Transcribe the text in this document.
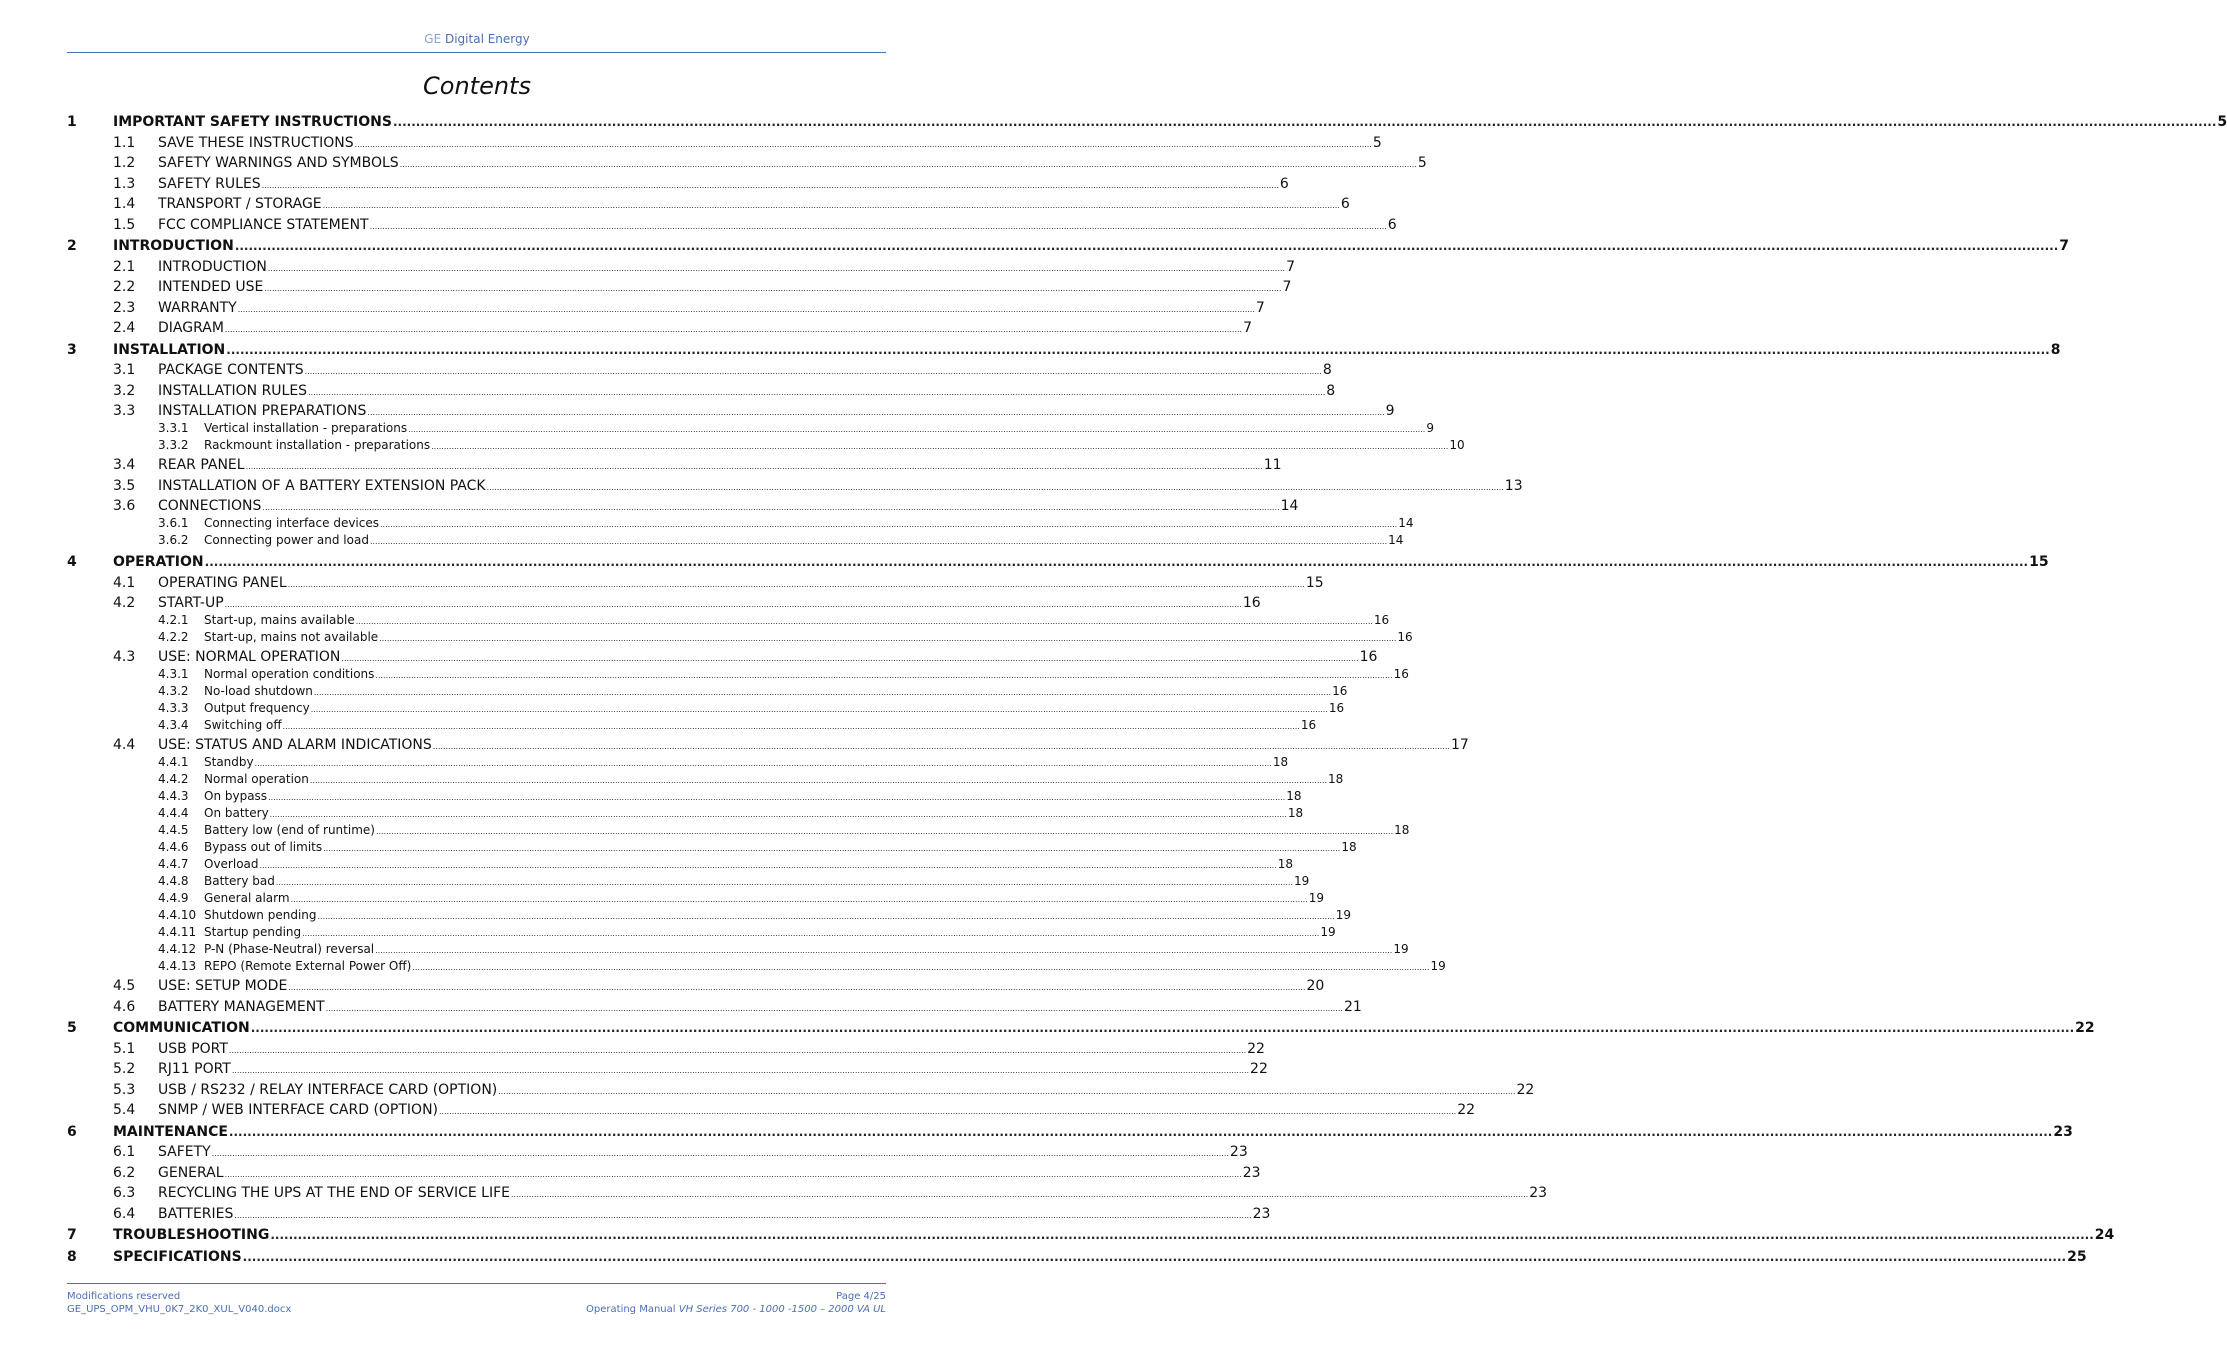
GE Digital Energy
Contents
1	IMPORTANT SAFETY INSTRUCTIONS ................................................................................................................................................................................................................................................................................................................................................................................................................ 5
1.1 SAVE THESE INSTRUCTIONS ................................................................................................................................................................................................................................................................................................................................................................................................................ 5
1.2 SAFETY WARNINGS AND SYMBOLS ................................................................................................................................................................................................................................................................................................................................................................................................................ 5
1.3 SAFETY RULES ................................................................................................................................................................................................................................................................................................................................................................................................................ 6
1.4 TRANSPORT / STORAGE ................................................................................................................................................................................................................................................................................................................................................................................................................ 6
1.5 FCC COMPLIANCE STATEMENT ................................................................................................................................................................................................................................................................................................................................................................................................................ 6
2	INTRODUCTION ................................................................................................................................................................................................................................................................................................................................................................................................................ 7
2.1 INTRODUCTION ................................................................................................................................................................................................................................................................................................................................................................................................................ 7
2.2 INTENDED USE ................................................................................................................................................................................................................................................................................................................................................................................................................ 7
2.3 WARRANTY ................................................................................................................................................................................................................................................................................................................................................................................................................ 7
2.4 DIAGRAM ................................................................................................................................................................................................................................................................................................................................................................................................................ 7
3	INSTALLATION ................................................................................................................................................................................................................................................................................................................................................................................................................ 8
3.1 PACKAGE CONTENTS ................................................................................................................................................................................................................................................................................................................................................................................................................ 8
3.2 INSTALLATION RULES ................................................................................................................................................................................................................................................................................................................................................................................................................ 8
3.3 INSTALLATION PREPARATIONS ................................................................................................................................................................................................................................................................................................................................................................................................................ 9
3.3.1 Vertical installation - preparations ................................................................................................................................................................................................................................................................................................................................................................................................................ 9
3.3.2 Rackmount installation - preparations ................................................................................................................................................................................................................................................................................................................................................................................................................ 10
3.4 REAR PANEL ................................................................................................................................................................................................................................................................................................................................................................................................................ 11
3.5 INSTALLATION OF A BATTERY EXTENSION PACK ................................................................................................................................................................................................................................................................................................................................................................................................................ 13
3.6 CONNECTIONS ................................................................................................................................................................................................................................................................................................................................................................................................................ 14
3.6.1 Connecting interface devices ................................................................................................................................................................................................................................................................................................................................................................................................................ 14
3.6.2 Connecting power and load ................................................................................................................................................................................................................................................................................................................................................................................................................ 14
4	OPERATION ................................................................................................................................................................................................................................................................................................................................................................................................................ 15
4.1 OPERATING PANEL ................................................................................................................................................................................................................................................................................................................................................................................................................ 15
4.2 START-UP ................................................................................................................................................................................................................................................................................................................................................................................................................ 16
4.2.1 Start-up, mains available ................................................................................................................................................................................................................................................................................................................................................................................................................ 16
4.2.2 Start-up, mains not available ................................................................................................................................................................................................................................................................................................................................................................................................................ 16
4.3 USE: NORMAL OPERATION ................................................................................................................................................................................................................................................................................................................................................................................................................ 16
4.3.1 Normal operation conditions ................................................................................................................................................................................................................................................................................................................................................................................................................ 16
4.3.2 No-load shutdown ................................................................................................................................................................................................................................................................................................................................................................................................................ 16
4.3.3 Output frequency ................................................................................................................................................................................................................................................................................................................................................................................................................ 16
4.3.4 Switching off ................................................................................................................................................................................................................................................................................................................................................................................................................ 16
4.4 USE: STATUS AND ALARM INDICATIONS ................................................................................................................................................................................................................................................................................................................................................................................................................ 17
4.4.1 Standby ................................................................................................................................................................................................................................................................................................................................................................................................................ 18
4.4.2 Normal operation ................................................................................................................................................................................................................................................................................................................................................................................................................ 18
4.4.3 On bypass ................................................................................................................................................................................................................................................................................................................................................................................................................ 18
4.4.4 On battery ................................................................................................................................................................................................................................................................................................................................................................................................................ 18
4.4.5 Battery low (end of runtime) ................................................................................................................................................................................................................................................................................................................................................................................................................ 18
4.4.6 Bypass out of limits ................................................................................................................................................................................................................................................................................................................................................................................................................ 18
4.4.7 Overload ................................................................................................................................................................................................................................................................................................................................................................................................................ 18
4.4.8 Battery bad ................................................................................................................................................................................................................................................................................................................................................................................................................ 19
4.4.9 General alarm ................................................................................................................................................................................................................................................................................................................................................................................................................ 19
4.4.10 Shutdown pending ................................................................................................................................................................................................................................................................................................................................................................................................................ 19
4.4.11 Startup pending ................................................................................................................................................................................................................................................................................................................................................................................................................ 19
4.4.12 P-N (Phase-Neutral) reversal ................................................................................................................................................................................................................................................................................................................................................................................................................ 19
4.4.13 REPO (Remote External Power Off) ................................................................................................................................................................................................................................................................................................................................................................................................................ 19
4.5 USE: SETUP MODE ................................................................................................................................................................................................................................................................................................................................................................................................................ 20
4.6 BATTERY MANAGEMENT ................................................................................................................................................................................................................................................................................................................................................................................................................ 21
5	COMMUNICATION ................................................................................................................................................................................................................................................................................................................................................................................................................ 22
5.1 USB PORT ................................................................................................................................................................................................................................................................................................................................................................................................................ 22
5.2 RJ11 PORT ................................................................................................................................................................................................................................................................................................................................................................................................................ 22
5.3 USB / RS232 / RELAY INTERFACE CARD (OPTION) ................................................................................................................................................................................................................................................................................................................................................................................................................ 22
5.4 SNMP / WEB INTERFACE CARD (OPTION) ................................................................................................................................................................................................................................................................................................................................................................................................................ 22
6	MAINTENANCE ................................................................................................................................................................................................................................................................................................................................................................................................................ 23
6.1 SAFETY ................................................................................................................................................................................................................................................................................................................................................................................................................ 23
6.2 GENERAL ................................................................................................................................................................................................................................................................................................................................................................................................................ 23
6.3 RECYCLING THE UPS AT THE END OF SERVICE LIFE ................................................................................................................................................................................................................................................................................................................................................................................................................ 23
6.4 BATTERIES ................................................................................................................................................................................................................................................................................................................................................................................................................ 23
7	TROUBLESHOOTING ................................................................................................................................................................................................................................................................................................................................................................................................................ 24
8	SPECIFICATIONS ................................................................................................................................................................................................................................................................................................................................................................................................................ 25
Modifications reserved
GE_UPS_OPM_VHU_0K7_2K0_XUL_V040.docx
Page 4/25
Operating Manual VH Series 700 - 1000 -1500 – 2000 VA UL
